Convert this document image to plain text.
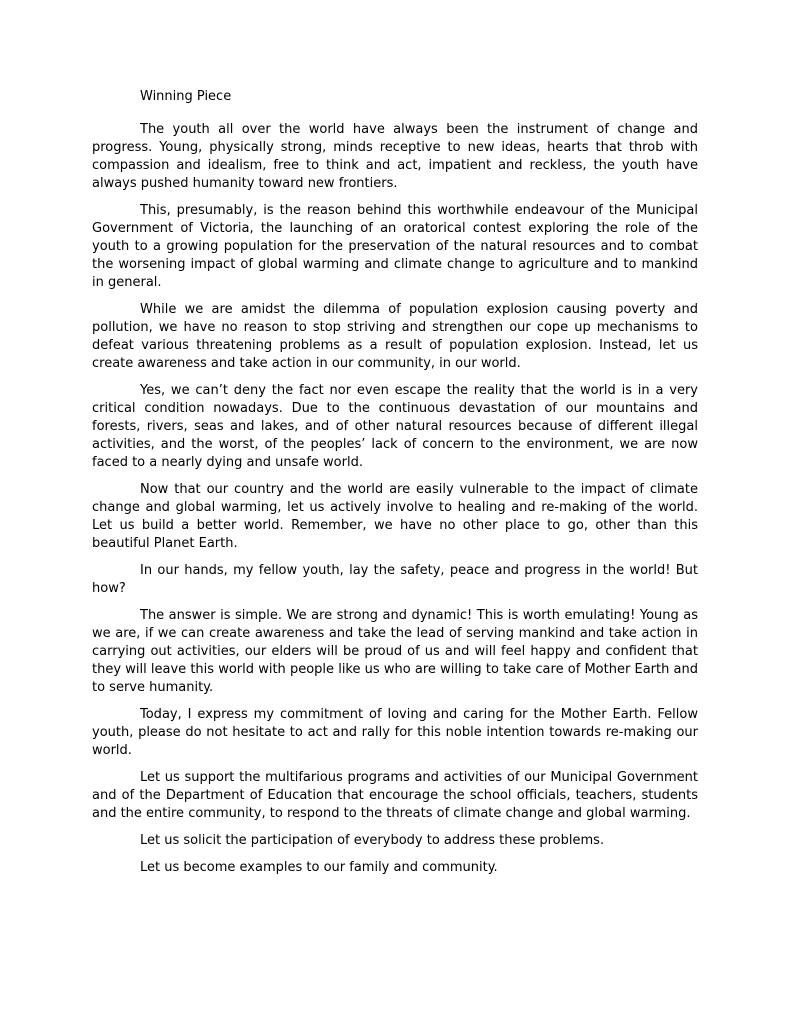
Winning Piece

The youth all over the world have always been the instrument of change and progress. Young, physically strong, minds receptive to new ideas, hearts that throb with compassion and idealism, free to think and act, impatient and reckless, the youth have always pushed humanity toward new frontiers.

This, presumably, is the reason behind this worthwhile endeavour of the Municipal Government of Victoria, the launching of an oratorical contest exploring the role of the youth to a growing population for the preservation of the natural resources and to combat the worsening impact of global warming and climate change to agriculture and to mankind in general.

While we are amidst the dilemma of population explosion causing poverty and pollution, we have no reason to stop striving and strengthen our cope up mechanisms to defeat various threatening problems as a result of population explosion. Instead, let us create awareness and take action in our community, in our world.

Yes, we can’t deny the fact nor even escape the reality that the world is in a very critical condition nowadays. Due to the continuous devastation of our mountains and forests, rivers, seas and lakes, and of other natural resources because of different illegal activities, and the worst, of the peoples’ lack of concern to the environment, we are now faced to a nearly dying and unsafe world.

Now that our country and the world are easily vulnerable to the impact of climate change and global warming, let us actively involve to healing and re-making of the world. Let us build a better world. Remember, we have no other place to go, other than this beautiful Planet Earth.

In our hands, my fellow youth, lay the safety, peace and progress in the world! But how?

The answer is simple. We are strong and dynamic! This is worth emulating! Young as we are, if we can create awareness and take the lead of serving mankind and take action in carrying out activities, our elders will be proud of us and will feel happy and confident that they will leave this world with people like us who are willing to take care of Mother Earth and to serve humanity.

Today, I express my commitment of loving and caring for the Mother Earth. Fellow youth, please do not hesitate to act and rally for this noble intention towards re-making our world.

Let us support the multifarious programs and activities of our Municipal Government and of the Department of Education that encourage the school officials, teachers, students and the entire community, to respond to the threats of climate change and global warming.

Let us solicit the participation of everybody to address these problems.

Let us become examples to our family and community.
